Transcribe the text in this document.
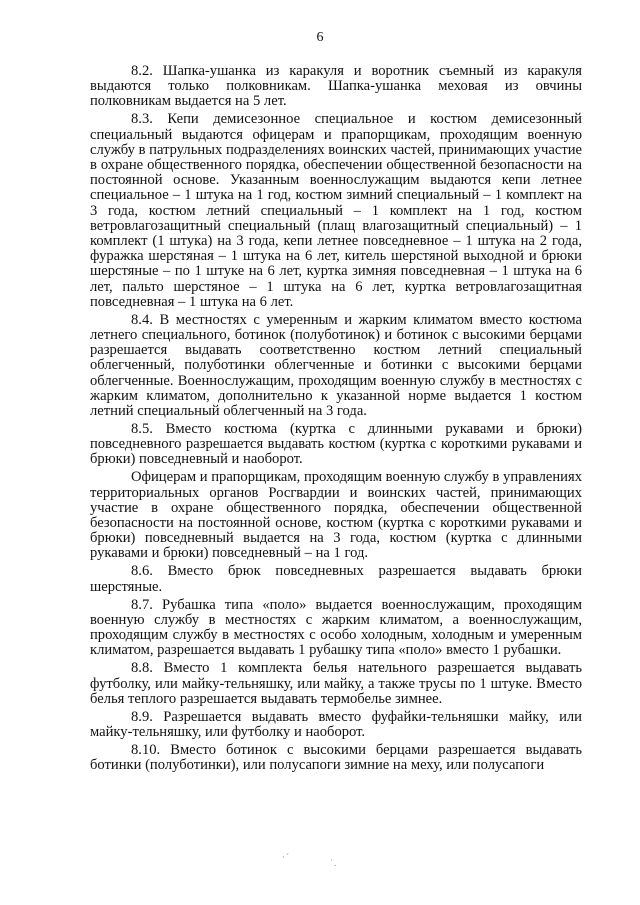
6

8.2. Шапка-ушанка из каракуля и воротник съемный из каракуля выдаются только полковникам. Шапка-ушанка меховая из овчины полковникам выдается на 5 лет.

8.3. Кепи демисезонное специальное и костюм демисезонный специальный выдаются офицерам и прапорщикам, проходящим военную службу в патрульных подразделениях воинских частей, принимающих участие в охране общественного порядка, обеспечении общественной безопасности на постоянной основе. Указанным военнослужащим выдаются кепи летнее специальное – 1 штука на 1 год, костюм зимний специальный – 1 комплект на 3 года, костюм летний специальный – 1 комплект на 1 год, костюм ветровлагозащитный специальный (плащ влагозащитный специальный) – 1 комплект (1 штука) на 3 года, кепи летнее повседневное – 1 штука на 2 года, фуражка шерстяная – 1 штука на 6 лет, китель шерстяной выходной и брюки шерстяные – по 1 штуке на 6 лет, куртка зимняя повседневная – 1 штука на 6 лет, пальто шерстяное – 1 штука на 6 лет, куртка ветровлагозащитная повседневная – 1 штука на 6 лет.

8.4. В местностях с умеренным и жарким климатом вместо костюма летнего специального, ботинок (полуботинок) и ботинок с высокими берцами разрешается выдавать соответственно костюм летний специальный облегченный, полуботинки облегченные и ботинки с высокими берцами облегченные. Военнослужащим, проходящим военную службу в местностях с жарким климатом, дополнительно к указанной норме выдается 1 костюм летний специальный облегченный на 3 года.

8.5. Вместо костюма (куртка с длинными рукавами и брюки) повседневного разрешается выдавать костюм (куртка с короткими рукавами и брюки) повседневный и наоборот.

Офицерам и прапорщикам, проходящим военную службу в управлениях территориальных органов Росгвардии и воинских частей, принимающих участие в охране общественного порядка, обеспечении общественной безопасности на постоянной основе, костюм (куртка с короткими рукавами и брюки) повседневный выдается на 3 года, костюм (куртка с длинными рукавами и брюки) повседневный – на 1 год.

8.6. Вместо брюк повседневных разрешается выдавать брюки шерстяные.

8.7. Рубашка типа «поло» выдается военнослужащим, проходящим военную службу в местностях с жарким климатом, а военнослужащим, проходящим службу в местностях с особо холодным, холодным и умеренным климатом, разрешается выдавать 1 рубашку типа «поло» вместо 1 рубашки.

8.8. Вместо 1 комплекта белья нательного разрешается выдавать футболку, или майку-тельняшку, или майку, а также трусы по 1 штуке. Вместо белья теплого разрешается выдавать термобелье зимнее.

8.9. Разрешается выдавать вместо фуфайки-тельняшки майку, или майку-тельняшку, или футболку и наоборот.

8.10. Вместо ботинок с высокими берцами разрешается выдавать ботинки (полуботинки), или полусапоги зимние на меху, или полусапоги

·´
˙.
